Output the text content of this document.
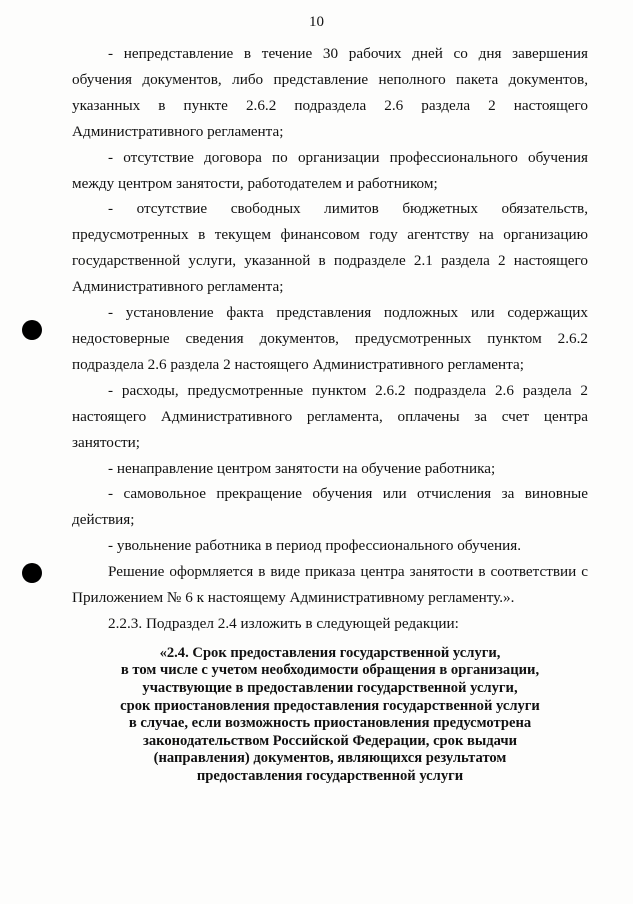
10

- непредставление в течение 30 рабочих дней со дня завершения обучения документов, либо представление неполного пакета документов, указанных в пункте 2.6.2 подраздела 2.6 раздела 2 настоящего Административного регламента;

- отсутствие договора по организации профессионального обучения между центром занятости, работодателем и работником;

- отсутствие свободных лимитов бюджетных обязательств, предусмотренных в текущем финансовом году агентству на организацию государственной услуги, указанной в подразделе 2.1 раздела 2 настоящего Административного регламента;

- установление факта представления подложных или содержащих недостоверные сведения документов, предусмотренных пунктом 2.6.2 подраздела 2.6 раздела 2 настоящего Административного регламента;

- расходы, предусмотренные пунктом 2.6.2 подраздела 2.6 раздела 2 настоящего Административного регламента, оплачены за счет центра занятости;

- ненаправление центром занятости на обучение работника;

- самовольное прекращение обучения или отчисления за виновные действия;

- увольнение работника в период профессионального обучения.

Решение оформляется в виде приказа центра занятости в соответствии с Приложением № 6 к настоящему Административному регламенту.».

2.2.3. Подраздел 2.4 изложить в следующей редакции:

«2.4. Срок предоставления государственной услуги,
в том числе с учетом необходимости обращения в организации,
участвующие в предоставлении государственной услуги,
срок приостановления предоставления государственной услуги
в случае, если возможность приостановления предусмотрена
законодательством Российской Федерации, срок выдачи
(направления) документов, являющихся результатом
предоставления государственной услуги
